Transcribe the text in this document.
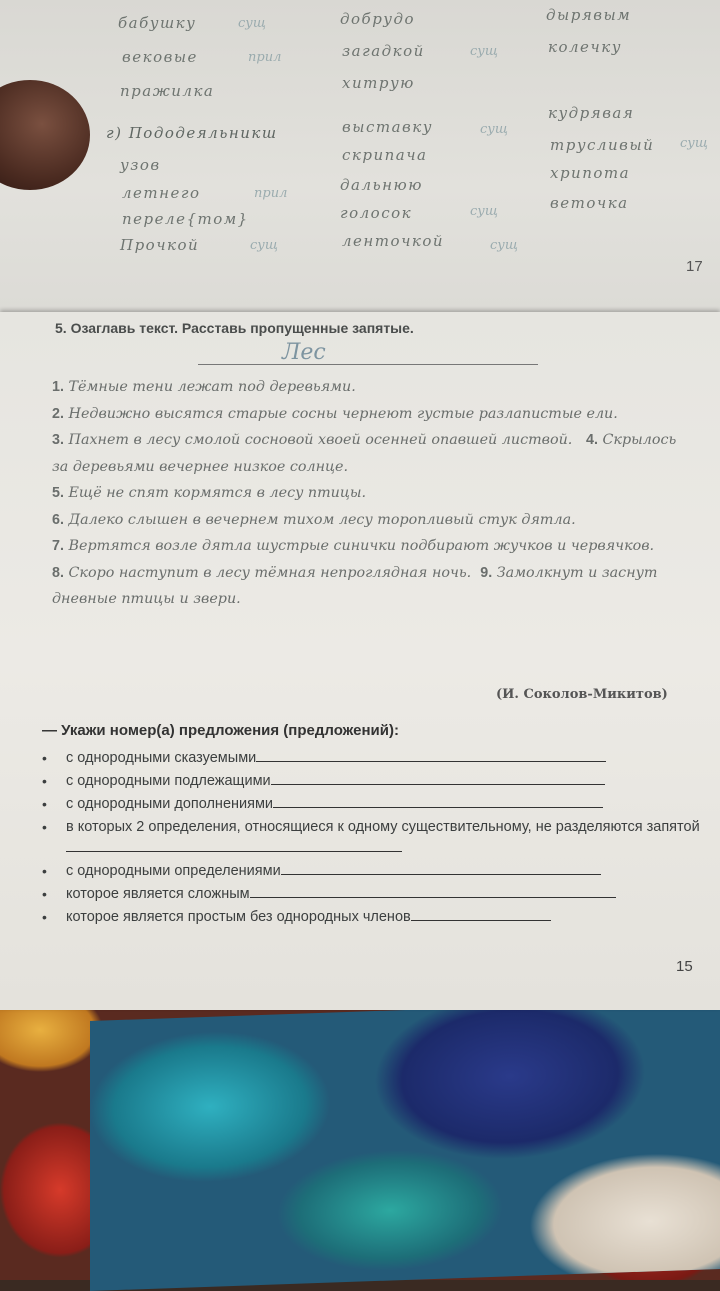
бабушку
вековые
пражилка
г) Пододеяльникш
узов
летнего
переле{том}
Прочкой
добрудо
загадкой
хитрую
выставку
скрипачa
дальнюю
голосок
ленточкой
дырявым
колечку
кудрявая
трусливый
хрипота
веточка
сущ
прил	сущ
сущ
сущ
прил
сущ
сущ	сущ
17
5. Озаглавь текст. Расставь пропущенные запятые.
Лес

1. Тёмные тени лежат под деревьями.

2. Недвижно высятся старые сосны чернеют густые разлапистые ели.

3. Пахнет в лесу смолой сосновой хвоей осенней опавшей листвой. 4. Скрылось за деревьями вечернее низкое солнце.

5. Ещё не спят кормятся в лесу птицы.

6. Далеко слышен в вечернем тихом лесу торопливый стук дятла.

7. Вертятся возле дятла шустрые синички подбирают жучков и червячков.

8. Скоро наступит в лесу тёмная непроглядная ночь. 9. Замолкнут и заснут дневные птицы и звери.

(И. Соколов-Микитов)
— Укажи номер(а) предложения (предложений):
• с однородными сказуемыми
• с однородными подлежащими
• с однородными дополнениями
• в которых 2 определения, относящиеся к одному существительному, не разделяются запятой
• с однородными определениями
• которое является сложным
• которое является простым без однородных членов
15
